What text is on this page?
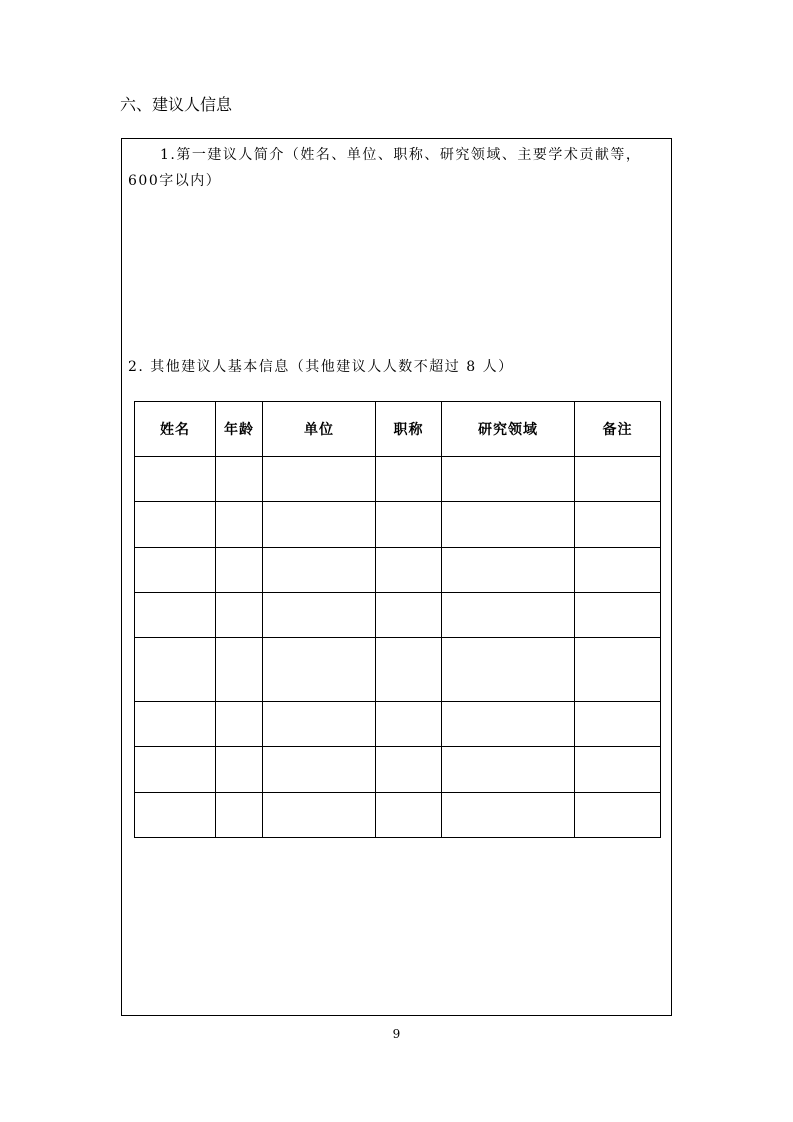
六、建议人信息
1.第一建议人简介（姓名、单位、职称、研究领域、主要学术贡献等，600字以内）
2. 其他建议人基本信息（其他建议人人数不超过 8 人）
姓名	年龄	单位	职称	研究领域	备注

9
